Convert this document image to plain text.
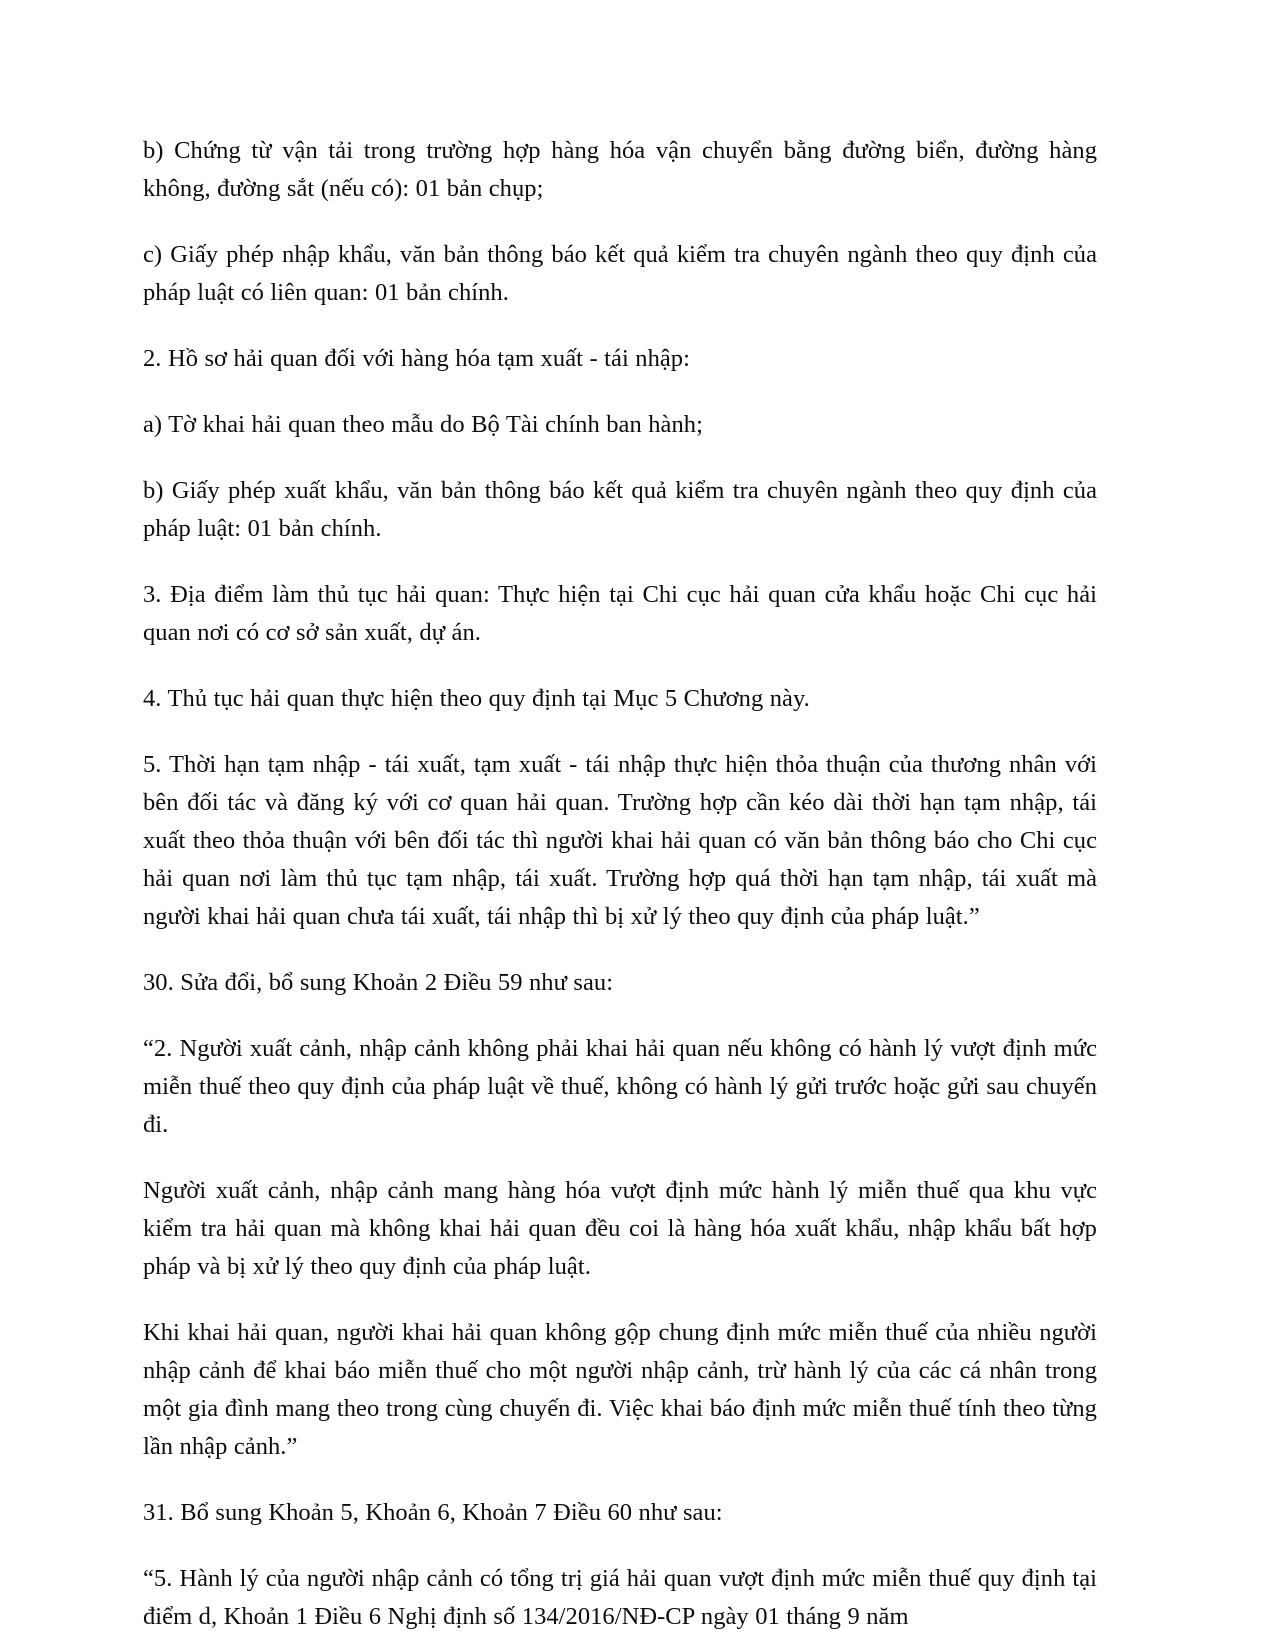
b) Chứng từ vận tải trong trường hợp hàng hóa vận chuyển bằng đường biển, đường hàng không, đường sắt (nếu có): 01 bản chụp;

c) Giấy phép nhập khẩu, văn bản thông báo kết quả kiểm tra chuyên ngành theo quy định của pháp luật có liên quan: 01 bản chính.

2. Hồ sơ hải quan đối với hàng hóa tạm xuất - tái nhập:

a) Tờ khai hải quan theo mẫu do Bộ Tài chính ban hành;

b) Giấy phép xuất khẩu, văn bản thông báo kết quả kiểm tra chuyên ngành theo quy định của pháp luật: 01 bản chính.

3. Địa điểm làm thủ tục hải quan: Thực hiện tại Chi cục hải quan cửa khẩu hoặc Chi cục hải quan nơi có cơ sở sản xuất, dự án.

4. Thủ tục hải quan thực hiện theo quy định tại Mục 5 Chương này.

5. Thời hạn tạm nhập - tái xuất, tạm xuất - tái nhập thực hiện thỏa thuận của thương nhân với bên đối tác và đăng ký với cơ quan hải quan. Trường hợp cần kéo dài thời hạn tạm nhập, tái xuất theo thỏa thuận với bên đối tác thì người khai hải quan có văn bản thông báo cho Chi cục hải quan nơi làm thủ tục tạm nhập, tái xuất. Trường hợp quá thời hạn tạm nhập, tái xuất mà người khai hải quan chưa tái xuất, tái nhập thì bị xử lý theo quy định của pháp luật.”

30. Sửa đổi, bổ sung Khoản 2 Điều 59 như sau:

“2. Người xuất cảnh, nhập cảnh không phải khai hải quan nếu không có hành lý vượt định mức miễn thuế theo quy định của pháp luật về thuế, không có hành lý gửi trước hoặc gửi sau chuyến đi.

Người xuất cảnh, nhập cảnh mang hàng hóa vượt định mức hành lý miễn thuế qua khu vực kiểm tra hải quan mà không khai hải quan đều coi là hàng hóa xuất khẩu, nhập khẩu bất hợp pháp và bị xử lý theo quy định của pháp luật.

Khi khai hải quan, người khai hải quan không gộp chung định mức miễn thuế của nhiều người nhập cảnh để khai báo miễn thuế cho một người nhập cảnh, trừ hành lý của các cá nhân trong một gia đình mang theo trong cùng chuyến đi. Việc khai báo định mức miễn thuế tính theo từng lần nhập cảnh.”

31. Bổ sung Khoản 5, Khoản 6, Khoản 7 Điều 60 như sau:

“5. Hành lý của người nhập cảnh có tổng trị giá hải quan vượt định mức miễn thuế quy định tại điểm d, Khoản 1 Điều 6 Nghị định số 134/2016/NĐ-CP ngày 01 tháng 9 năm
